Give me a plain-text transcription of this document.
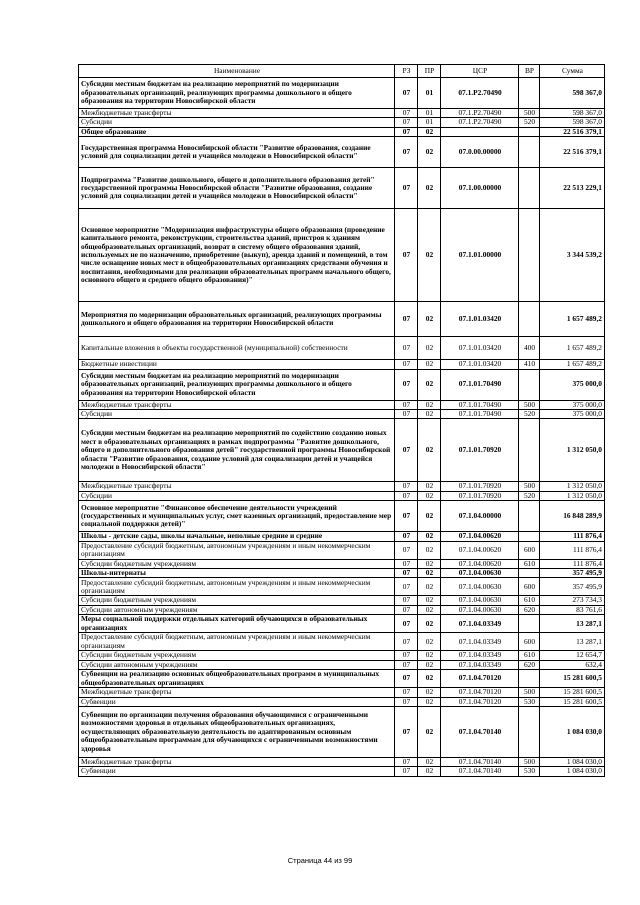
Наименование	РЗ	ПР	ЦСР	ВР	Сумма
Субсидии местным бюджетам на реализацию мероприятий по модернизации образовательных организаций, реализующих программы дошкольного и общего образования на территории Новосибирской области	07	01	07.1.P2.70490		598 367,0
Межбюджетные трансферты	07	01	07.1.P2.70490	500	598 367,0
Субсидии	07	01	07.1.P2.70490	520	598 367,0
Общее образование	07	02			22 516 379,1
Государственная программа Новосибирской области "Развитие образования, создание условий для социализации детей и учащейся молодежи в Новосибирской области"	07	02	07.0.00.00000		22 516 379,1
Подпрограмма "Развитие дошкольного, общего и дополнительного образования детей" государственной программы Новосибирской области "Развитие образования, создание условий для социализации детей и учащейся молодежи в Новосибирской области"	07	02	07.1.00.00000		22 513 229,1
Основное мероприятие "Модернизация инфраструктуры общего образования (проведение капитального ремонта, реконструкции, строительства зданий, пристроя к зданиям общеобразовательных организаций, возврат в систему общего образования зданий, используемых не по назначению, приобретение (выкуп), аренда зданий и помещений, в том числе оснащение новых мест в общеобразовательных организациях средствами обучения и воспитания, необходимыми для реализации образовательных программ начального общего, основного общего и среднего общего образования)"	07	02	07.1.01.00000		3 344 539,2
Мероприятия по модернизации образовательных организаций, реализующих программы дошкольного и общего образования на территории Новосибирской области	07	02	07.1.01.03420		1 657 489,2
Капитальные вложения в объекты государственной (муниципальной) собственности	07	02	07.1.01.03420	400	1 657 489,2
Бюджетные инвестиции	07	02	07.1.01.03420	410	1 657 489,2
Субсидии местным бюджетам на реализацию мероприятий по модернизации образовательных организаций, реализующих программы дошкольного и общего образования на территории Новосибирской области	07	02	07.1.01.70490		375 000,0
Межбюджетные трансферты	07	02	07.1.01.70490	500	375 000,0
Субсидии	07	02	07.1.01.70490	520	375 000,0
Субсидии местным бюджетам на реализацию мероприятий по содействию созданию новых мест в образовательных организациях в рамках подпрограммы "Развитие дошкольного, общего и дополнительного образования детей" государственной программы Новосибирской области "Развитие образования, создание условий для социализации детей и учащейся молодежи в Новосибирской области"	07	02	07.1.01.70920		1 312 050,0
Межбюджетные трансферты	07	02	07.1.01.70920	500	1 312 050,0
Субсидии	07	02	07.1.01.70920	520	1 312 050,0
Основное мероприятие "Финансовое обеспечение деятельности учреждений (государственных и муниципальных услуг, смет казенных организаций, предоставление мер социальной поддержки детей)"	07	02	07.1.04.00000		16 848 289,9
Школы - детские сады, школы начальные, неполные средние и средние	07	02	07.1.04.00620		111 876,4
Предоставление субсидий бюджетным, автономным учреждениям и иным некоммерческим организациям	07	02	07.1.04.00620	600	111 876,4
Субсидии бюджетным учреждениям	07	02	07.1.04.00620	610	111 876,4
Школы-интернаты	07	02	07.1.04.00630		357 495,9
Предоставление субсидий бюджетным, автономным учреждениям и иным некоммерческим организациям	07	02	07.1.04.00630	600	357 495,9
Субсидии бюджетным учреждениям	07	02	07.1.04.00630	610	273 734,3
Субсидии автономным учреждениям	07	02	07.1.04.00630	620	83 761,6
Меры социальной поддержки отдельных категорий обучающихся в образовательных организациях	07	02	07.1.04.03349		13 287,1
Предоставление субсидий бюджетным, автономным учреждениям и иным некоммерческим организациям	07	02	07.1.04.03349	600	13 287,1
Субсидии бюджетным учреждениям	07	02	07.1.04.03349	610	12 654,7
Субсидии автономным учреждениям	07	02	07.1.04.03349	620	632,4
Субвенции на реализацию основных общеобразовательных программ в муниципальных общеобразовательных организациях	07	02	07.1.04.70120		15 281 600,5
Межбюджетные трансферты	07	02	07.1.04.70120	500	15 281 600,5
Субвенции	07	02	07.1.04.70120	530	15 281 600,5
Субвенции по организации получения образования обучающимися с ограниченными возможностями здоровья в отдельных общеобразовательных организациях, осуществляющих образовательную деятельность по адаптированным основным общеобразовательным программам для обучающихся с ограниченными возможностями здоровья	07	02	07.1.04.70140		1 084 030,0
Межбюджетные трансферты	07	02	07.1.04.70140	500	1 084 030,0
Субвенции	07	02	07.1.04.70140	530	1 084 030,0
Страница 44 из 99
